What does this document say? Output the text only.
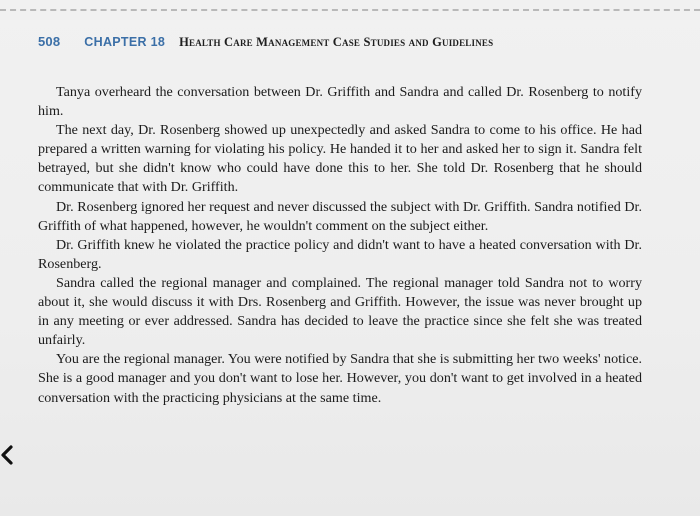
508 CHAPTER 18 Health Care Management Case Studies and Guidelines

Tanya overheard the conversation between Dr. Griffith and Sandra and called Dr. Rosenberg to notify him.

The next day, Dr. Rosenberg showed up unexpectedly and asked Sandra to come to his office. He had prepared a written warning for violating his policy. He handed it to her and asked her to sign it. Sandra felt betrayed, but she didn't know who could have done this to her. She told Dr. Rosenberg that he should communicate that with Dr. Griffith.

Dr. Rosenberg ignored her request and never discussed the subject with Dr. Griffith. Sandra notified Dr. Griffith of what happened, however, he wouldn't comment on the subject either.

Dr. Griffith knew he violated the practice policy and didn't want to have a heated conversation with Dr. Rosenberg.

Sandra called the regional manager and complained. The regional manager told Sandra not to worry about it, she would discuss it with Drs. Rosenberg and Griffith. However, the issue was never brought up in any meeting or ever addressed. Sandra has decided to leave the practice since she felt she was treated unfairly.

You are the regional manager. You were notified by Sandra that she is submitting her two weeks' notice. She is a good manager and you don't want to lose her. However, you don't want to get involved in a heated conversation with the practicing physicians at the same time.
